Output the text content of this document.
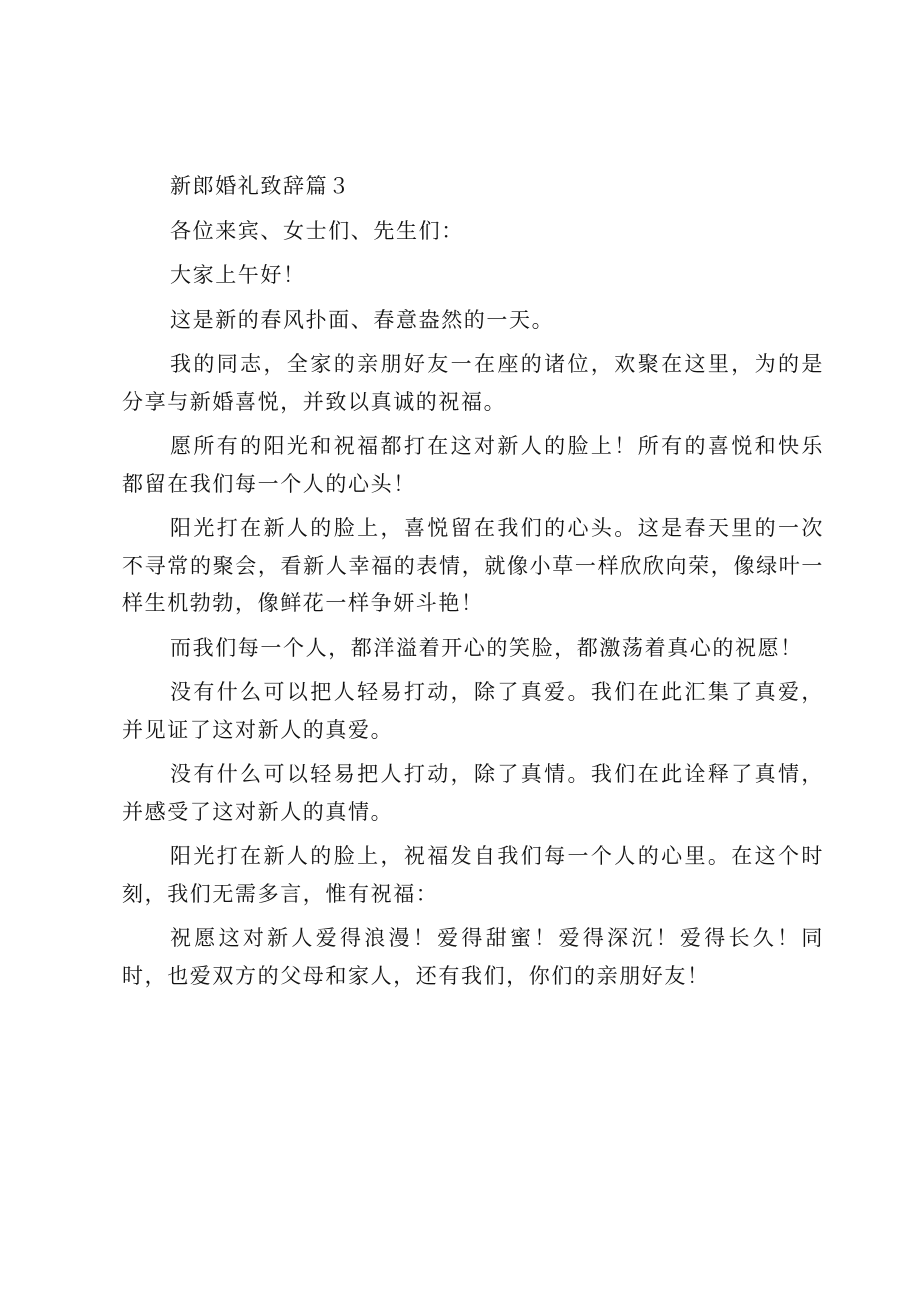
新郎婚礼致辞篇３

各位来宾、女士们、先生们：

大家上午好！

这是新的春风扑面、春意盎然的一天。

我的同志，全家的亲朋好友一在座的诸位，欢聚在这里，为的是分享与新婚喜悦，并致以真诚的祝福。

愿所有的阳光和祝福都打在这对新人的脸上！所有的喜悦和快乐都留在我们每一个人的心头！

阳光打在新人的脸上，喜悦留在我们的心头。这是春天里的一次不寻常的聚会，看新人幸福的表情，就像小草一样欣欣向荣，像绿叶一样生机勃勃，像鲜花一样争妍斗艳！

而我们每一个人，都洋溢着开心的笑脸，都激荡着真心的祝愿！

没有什么可以把人轻易打动，除了真爱。我们在此汇集了真爱，并见证了这对新人的真爱。

没有什么可以轻易把人打动，除了真情。我们在此诠释了真情，并感受了这对新人的真情。

阳光打在新人的脸上，祝福发自我们每一个人的心里。在这个时刻，我们无需多言，惟有祝福：

祝愿这对新人爱得浪漫！爱得甜蜜！爱得深沉！爱得长久！同时，也爱双方的父母和家人，还有我们，你们的亲朋好友！
